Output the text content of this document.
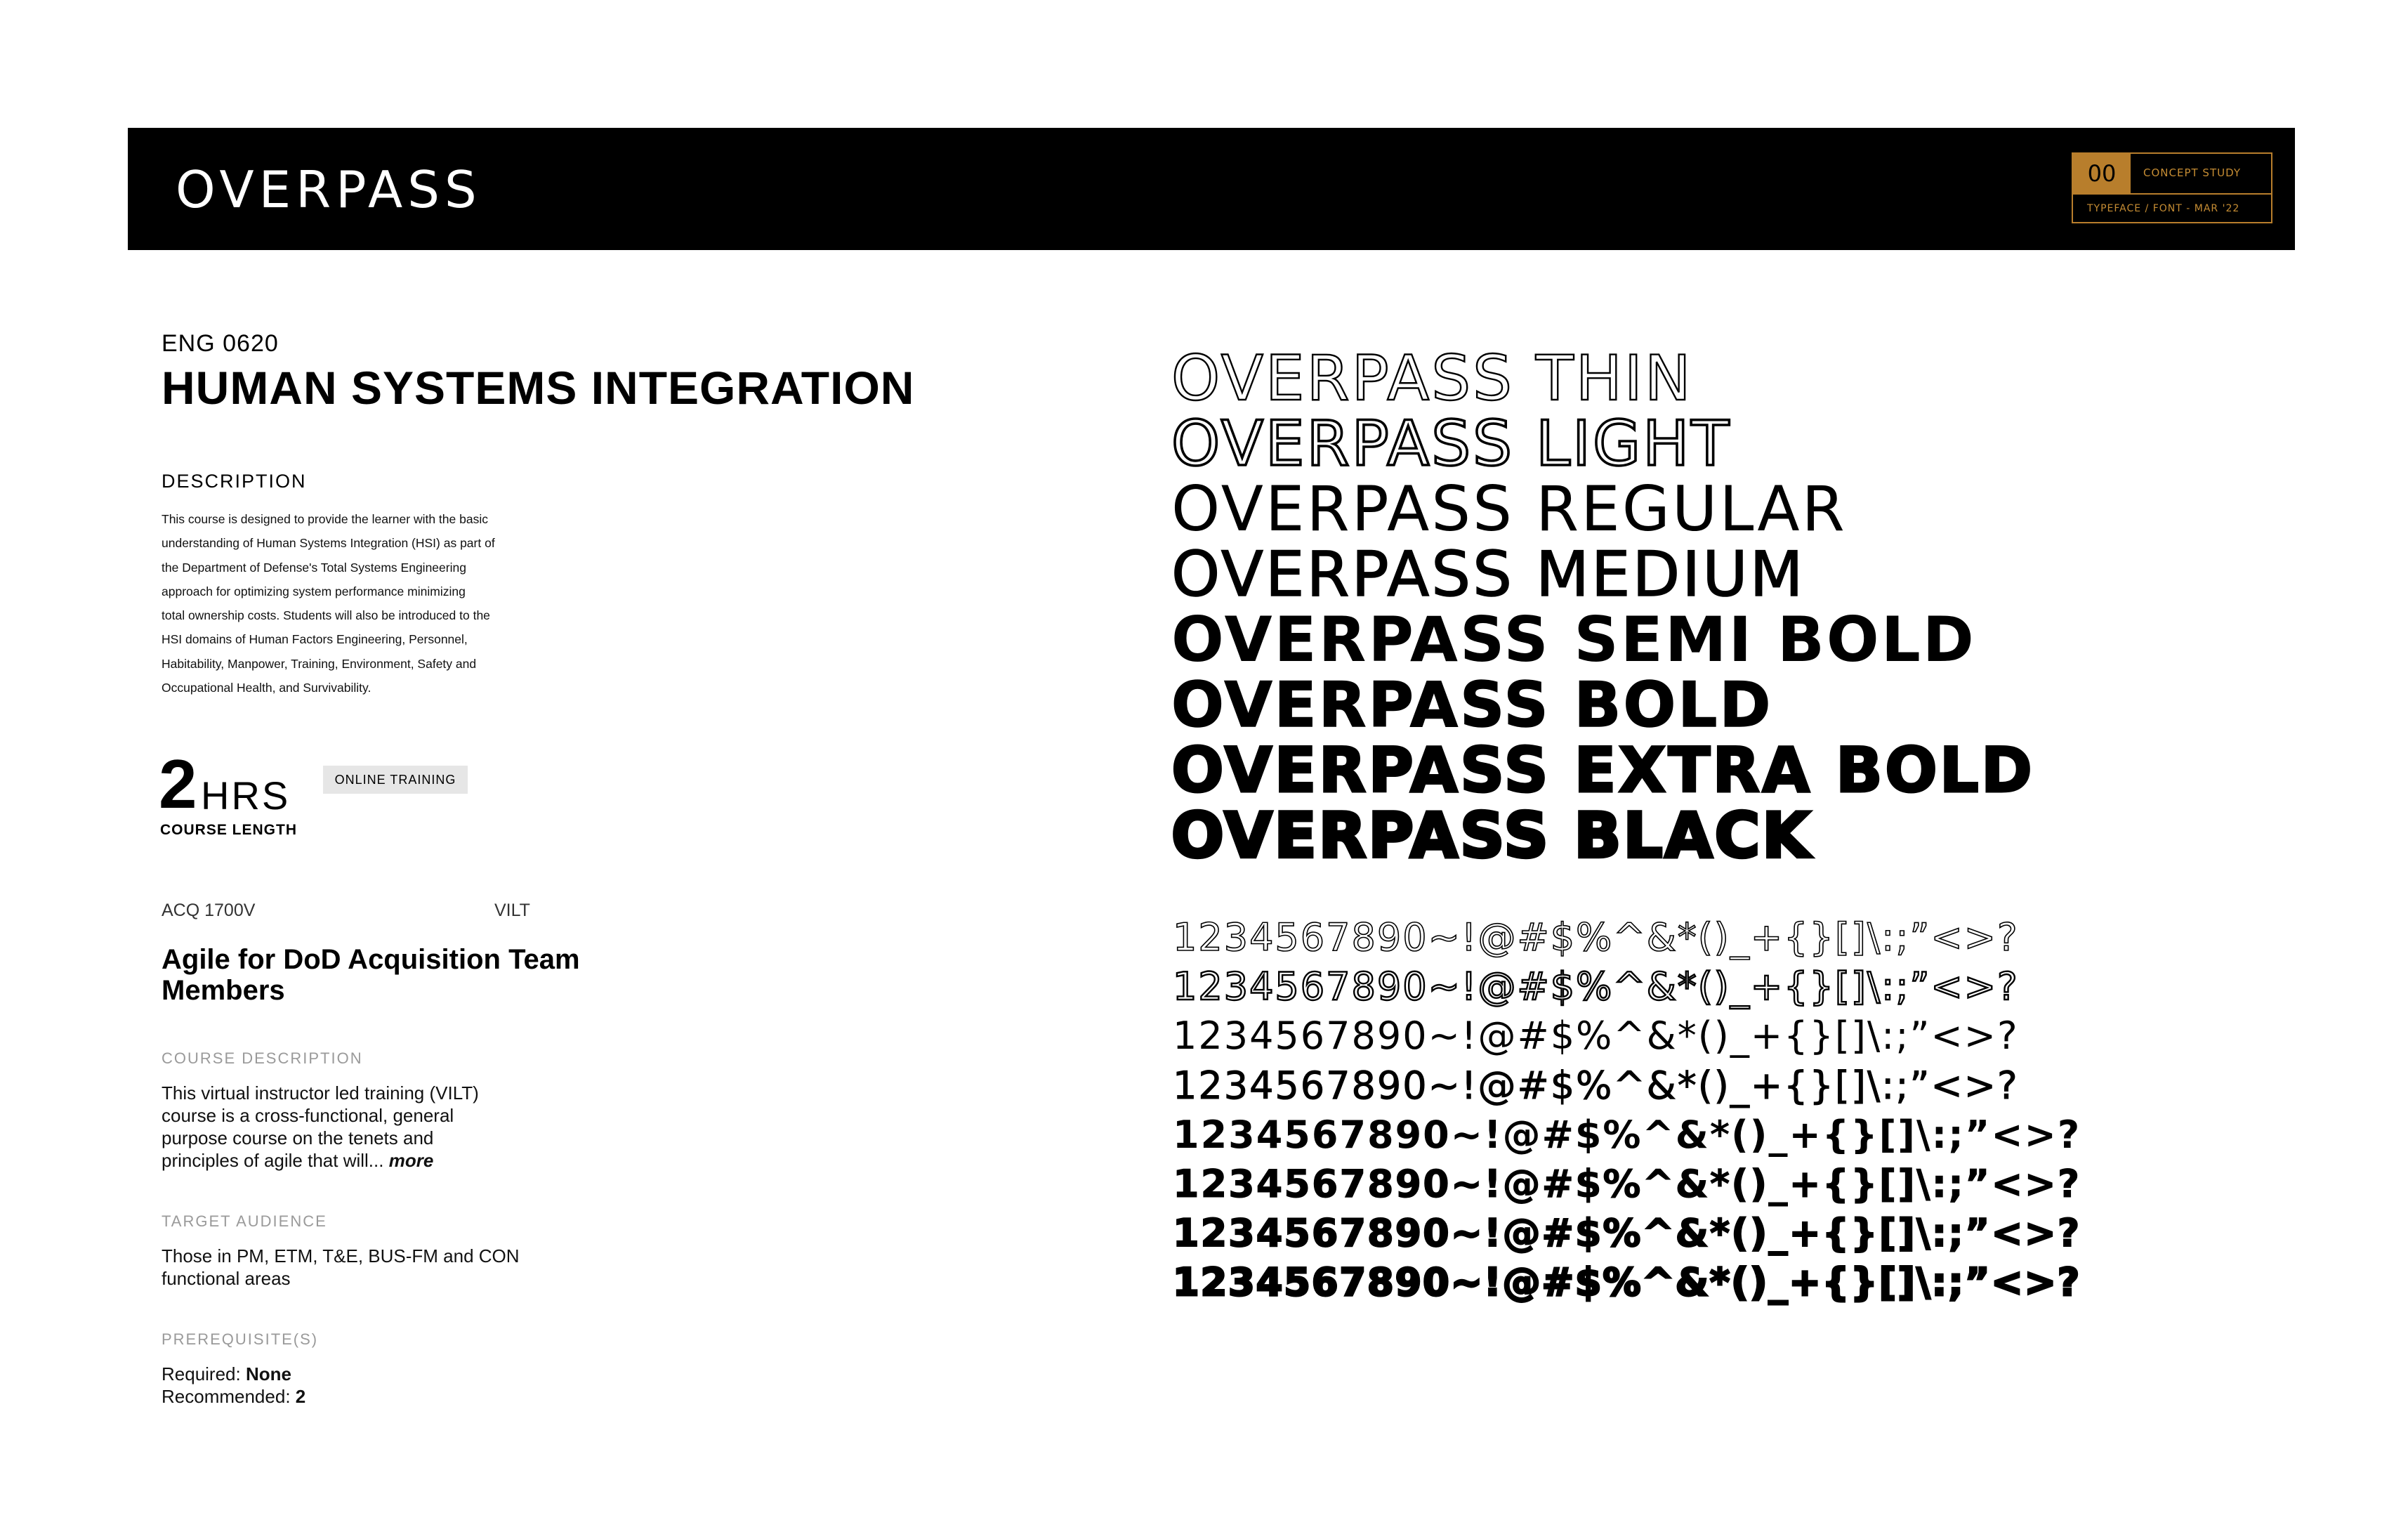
OVERPASS	00	CONCEPT STUDY
TYPEFACE / FONT - MAR '22
ENG 0620
HUMAN SYSTEMS INTEGRATION
DESCRIPTION
This course is designed to provide the learner with the basic
understanding of Human Systems Integration (HSI) as part of
the Department of Defense's Total Systems Engineering
approach for optimizing system performance minimizing
total ownership costs. Students will also be introduced to the
HSI domains of Human Factors Engineering, Personnel,
Habitability, Manpower, Training, Environment, Safety and
Occupational Health, and Survivability.
2 HRS
COURSE LENGTH
ONLINE TRAINING
ACQ 1700V	VILT
Agile for DoD Acquisition Team Members
COURSE DESCRIPTION
This virtual instructor led training (VILT)
course is a cross-functional, general
purpose course on the tenets and
principles of agile that will... more
TARGET AUDIENCE
Those in PM, ETM, T&E, BUS-FM and CON
functional areas
PREREQUISITE(S)
Required: None
Recommended: 2
OVERPASS THIN
OVERPASS LIGHT
OVERPASS REGULAR
OVERPASS MEDIUM
OVERPASS SEMI BOLD
OVERPASS BOLD
OVERPASS EXTRA BOLD
OVERPASS BLACK
1234567890~!@#$%^&*()_+{}[]\:;”<>?
1234567890~!@#$%^&*()_+{}[]\:;”<>?
1234567890~!@#$%^&*()_+{}[]\:;”<>?
1234567890~!@#$%^&*()_+{}[]\:;”<>?
1234567890~!@#$%^&*()_+{}[]\:;”<>?
1234567890~!@#$%^&*()_+{}[]\:;”<>?
1234567890~!@#$%^&*()_+{}[]\:;”<>?
1234567890~!@#$%^&*()_+{}[]\:;”<>?
